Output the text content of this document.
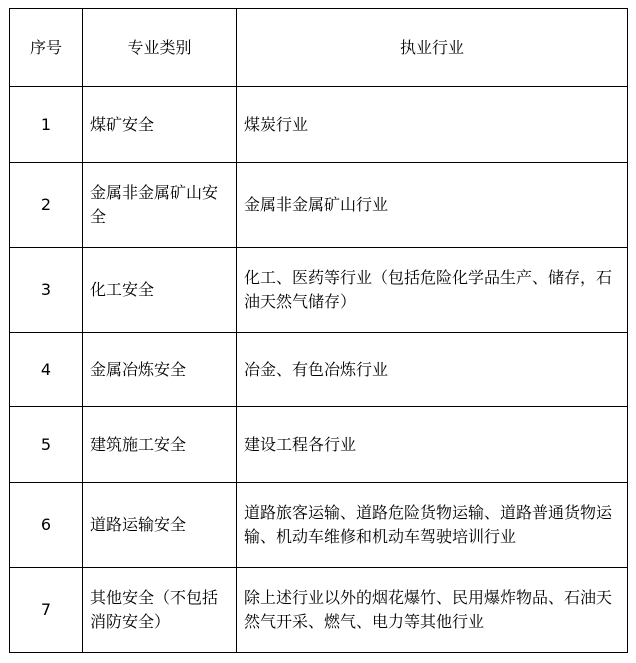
序号	专业类别	执业行业
1	煤矿安全	煤炭行业
2	金属非金属矿山安全	金属非金属矿山行业
3	化工安全	化工、医药等行业（包括危险化学品生产、储存，石油天然气储存）
4	金属冶炼安全	冶金、有色冶炼行业
5	建筑施工安全	建设工程各行业
6	道路运输安全	道路旅客运输、道路危险货物运输、道路普通货物运输、机动车维修和机动车驾驶培训行业
7	其他安全（不包括消防安全）	除上述行业以外的烟花爆竹、民用爆炸物品、石油天然气开采、燃气、电力等其他行业
